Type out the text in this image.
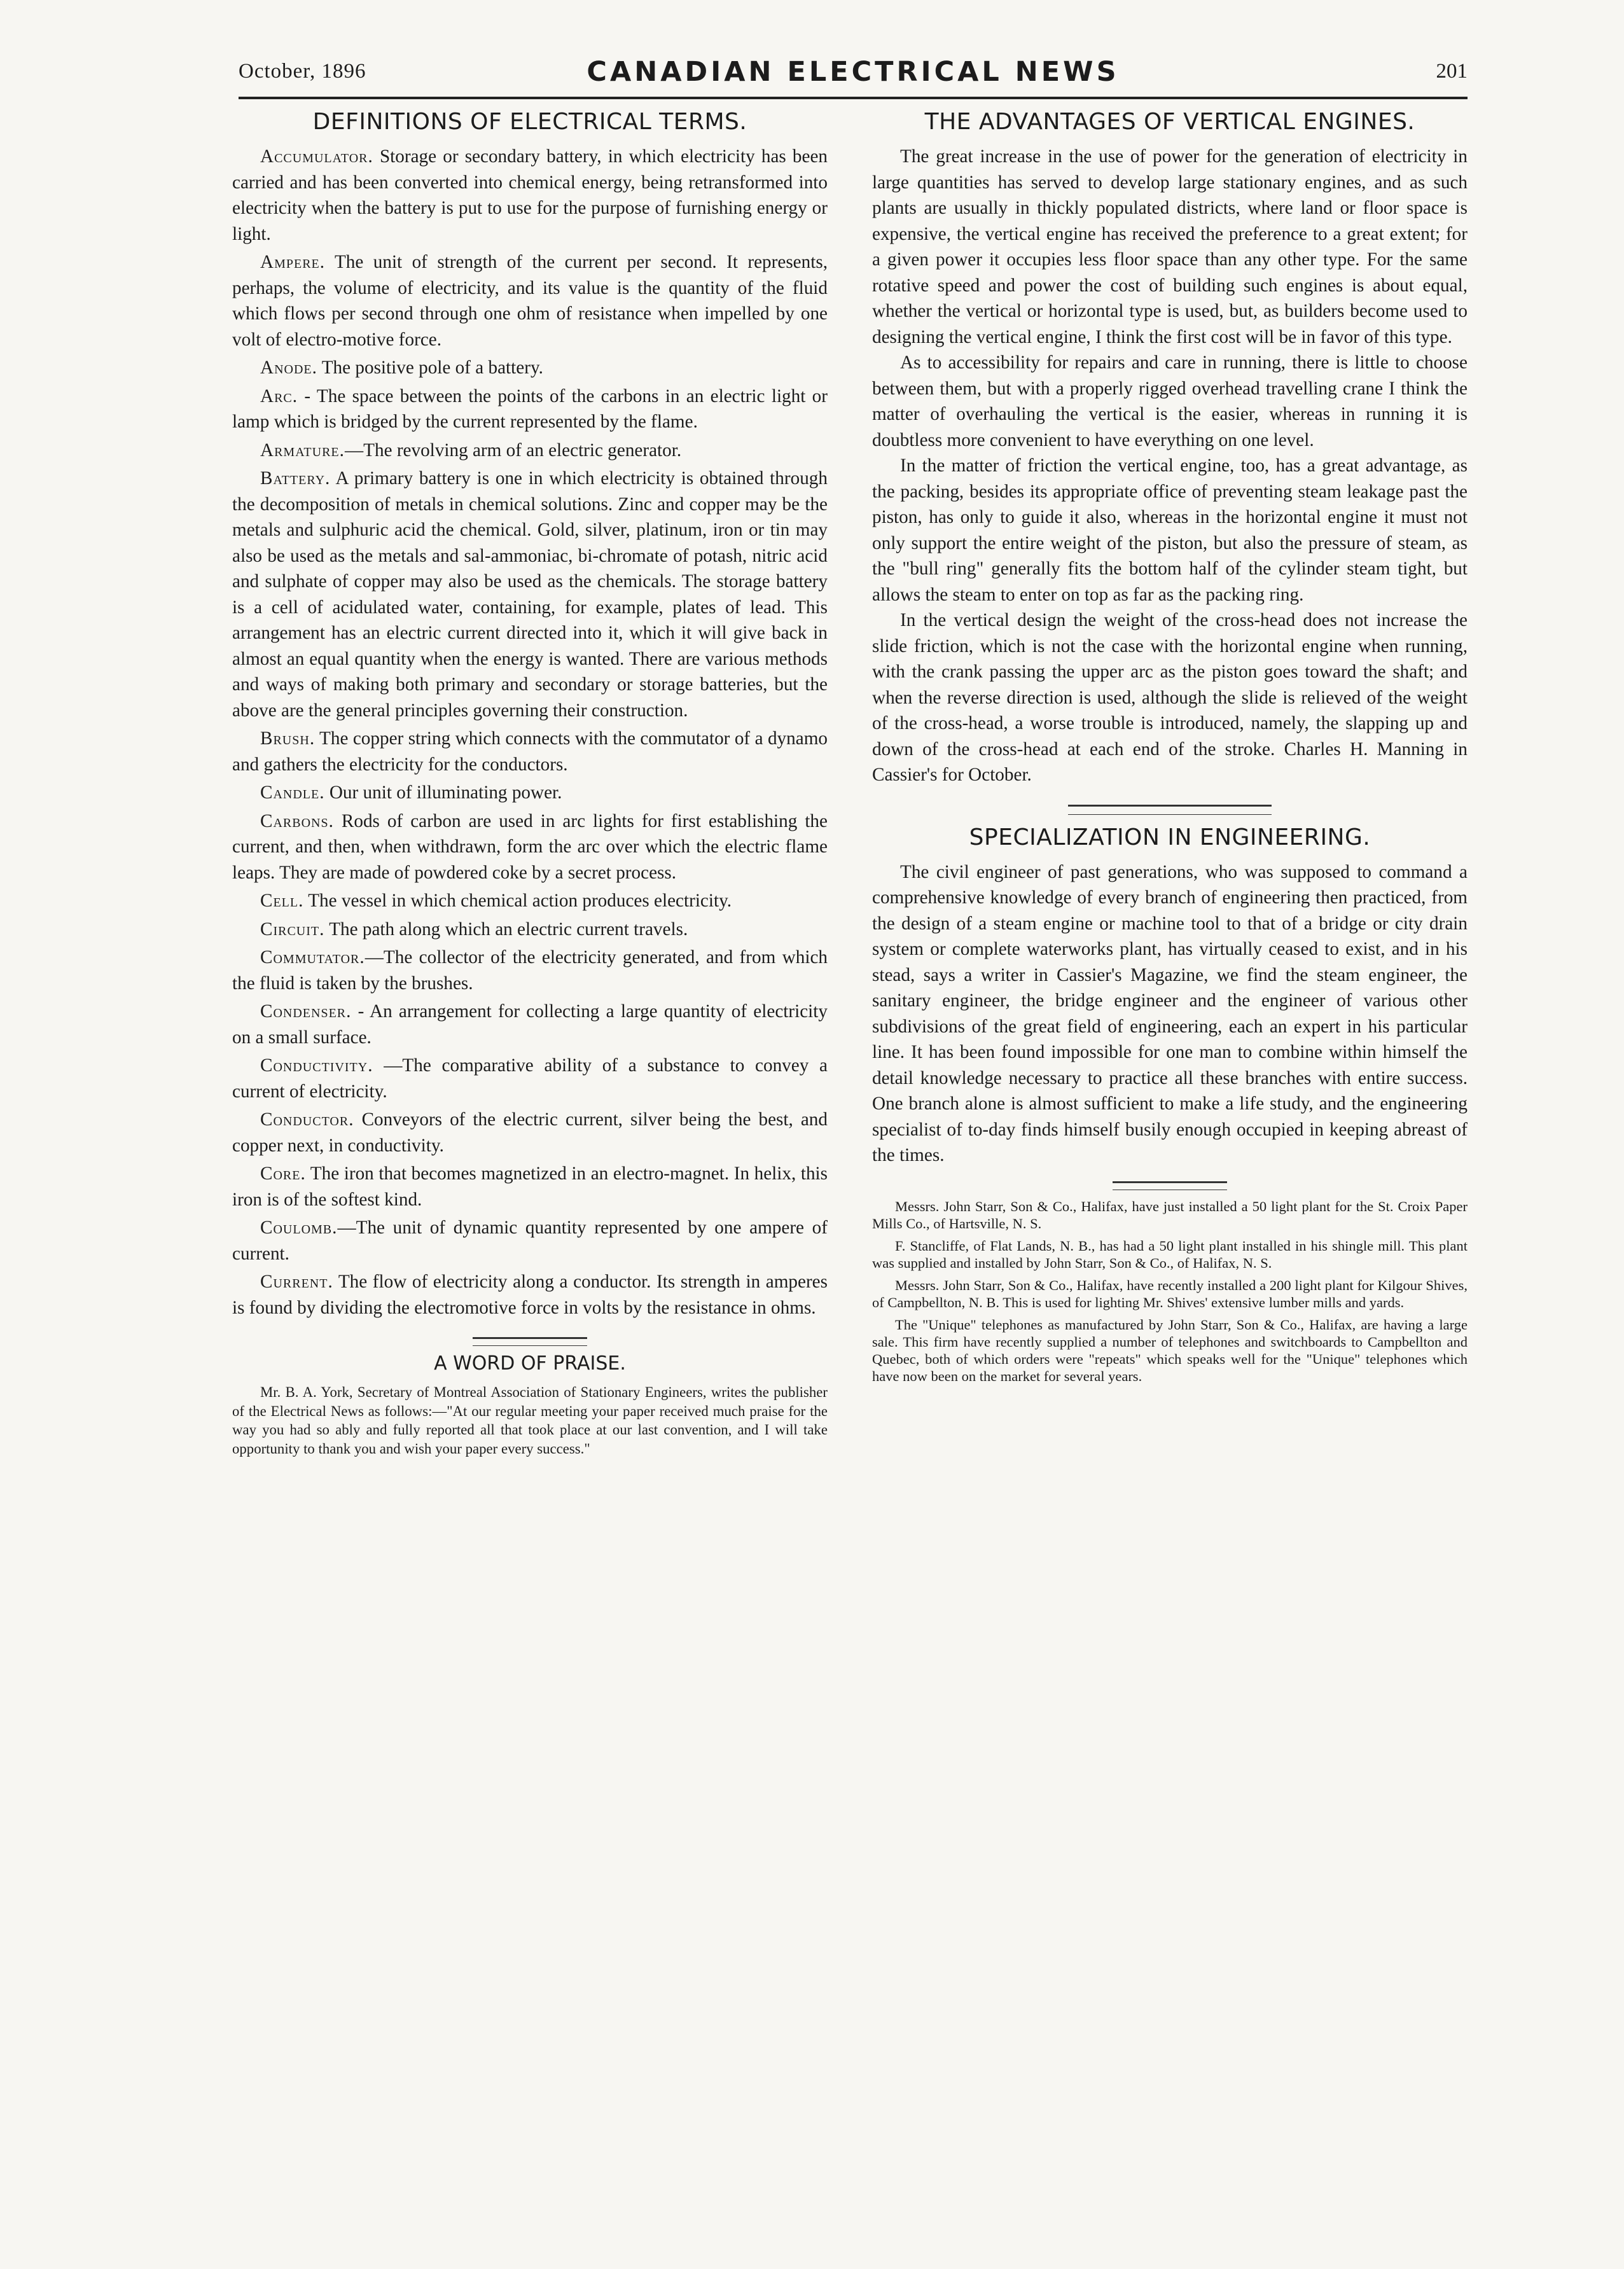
October, 1896	CANADIAN ELECTRICAL NEWS	201
DEFINITIONS OF ELECTRICAL TERMS.

Accumulator. Storage or secondary battery, in which electricity has been carried and has been converted into chemical energy, being retransformed into electricity when the battery is put to use for the purpose of furnishing energy or light.

Ampere. The unit of strength of the current per second. It represents, perhaps, the volume of electricity, and its value is the quantity of the fluid which flows per second through one ohm of resistance when impelled by one volt of electro-motive force.

Anode. The positive pole of a battery.

Arc. - The space between the points of the carbons in an electric light or lamp which is bridged by the current represented by the flame.

Armature.—The revolving arm of an electric generator.

Battery. A primary battery is one in which electricity is obtained through the decomposition of metals in chemical solutions. Zinc and copper may be the metals and sulphuric acid the chemical. Gold, silver, platinum, iron or tin may also be used as the metals and sal-ammoniac, bi-chromate of potash, nitric acid and sulphate of copper may also be used as the chemicals. The storage battery is a cell of acidulated water, containing, for example, plates of lead. This arrangement has an electric current directed into it, which it will give back in almost an equal quantity when the energy is wanted. There are various methods and ways of making both primary and secondary or storage batteries, but the above are the general principles governing their construction.

Brush. The copper string which connects with the commutator of a dynamo and gathers the electricity for the conductors.

Candle. Our unit of illuminating power.

Carbons. Rods of carbon are used in arc lights for first establishing the current, and then, when withdrawn, form the arc over which the electric flame leaps. They are made of powdered coke by a secret process.

Cell. The vessel in which chemical action produces electricity.

Circuit. The path along which an electric current travels.

Commutator.—The collector of the electricity generated, and from which the fluid is taken by the brushes.

Condenser. - An arrangement for collecting a large quantity of electricity on a small surface.

Conductivity. —The comparative ability of a substance to convey a current of electricity.

Conductor. Conveyors of the electric current, silver being the best, and copper next, in conductivity.

Core. The iron that becomes magnetized in an electro-magnet. In helix, this iron is of the softest kind.

Coulomb.—The unit of dynamic quantity represented by one ampere of current.

Current. The flow of electricity along a conductor. Its strength in amperes is found by dividing the electromotive force in volts by the resistance in ohms.

A WORD OF PRAISE.

Mr. B. A. York, Secretary of Montreal Association of Stationary Engineers, writes the publisher of the Electrical News as follows:—"At our regular meeting your paper received much praise for the way you had so ably and fully reported all that took place at our last convention, and I will take opportunity to thank you and wish your paper every success."

THE ADVANTAGES OF VERTICAL ENGINES.

The great increase in the use of power for the generation of electricity in large quantities has served to develop large stationary engines, and as such plants are usually in thickly populated districts, where land or floor space is expensive, the vertical engine has received the preference to a great extent; for a given power it occupies less floor space than any other type. For the same rotative speed and power the cost of building such engines is about equal, whether the vertical or horizontal type is used, but, as builders become used to designing the vertical engine, I think the first cost will be in favor of this type.

As to accessibility for repairs and care in running, there is little to choose between them, but with a properly rigged overhead travelling crane I think the matter of overhauling the vertical is the easier, whereas in running it is doubtless more convenient to have everything on one level.

In the matter of friction the vertical engine, too, has a great advantage, as the packing, besides its appropriate office of preventing steam leakage past the piston, has only to guide it also, whereas in the horizontal engine it must not only support the entire weight of the piston, but also the pressure of steam, as the "bull ring" generally fits the bottom half of the cylinder steam tight, but allows the steam to enter on top as far as the packing ring.

In the vertical design the weight of the cross-head does not increase the slide friction, which is not the case with the horizontal engine when running, with the crank passing the upper arc as the piston goes toward the shaft; and when the reverse direction is used, although the slide is relieved of the weight of the cross-head, a worse trouble is introduced, namely, the slapping up and down of the cross-head at each end of the stroke. Charles H. Manning in Cassier's for October.

SPECIALIZATION IN ENGINEERING.

The civil engineer of past generations, who was supposed to command a comprehensive knowledge of every branch of engineering then practiced, from the design of a steam engine or machine tool to that of a bridge or city drain system or complete waterworks plant, has virtually ceased to exist, and in his stead, says a writer in Cassier's Magazine, we find the steam engineer, the sanitary engineer, the bridge engineer and the engineer of various other subdivisions of the great field of engineering, each an expert in his particular line. It has been found impossible for one man to combine within himself the detail knowledge necessary to practice all these branches with entire success. One branch alone is almost sufficient to make a life study, and the engineering specialist of to-day finds himself busily enough occupied in keeping abreast of the times.

Messrs. John Starr, Son & Co., Halifax, have just installed a 50 light plant for the St. Croix Paper Mills Co., of Hartsville, N. S.

F. Stancliffe, of Flat Lands, N. B., has had a 50 light plant installed in his shingle mill. This plant was supplied and installed by John Starr, Son & Co., of Halifax, N. S.

Messrs. John Starr, Son & Co., Halifax, have recently installed a 200 light plant for Kilgour Shives, of Campbellton, N. B. This is used for lighting Mr. Shives' extensive lumber mills and yards.

The "Unique" telephones as manufactured by John Starr, Son & Co., Halifax, are having a large sale. This firm have recently supplied a number of telephones and switchboards to Campbellton and Quebec, both of which orders were "repeats" which speaks well for the "Unique" telephones which have now been on the market for several years.
